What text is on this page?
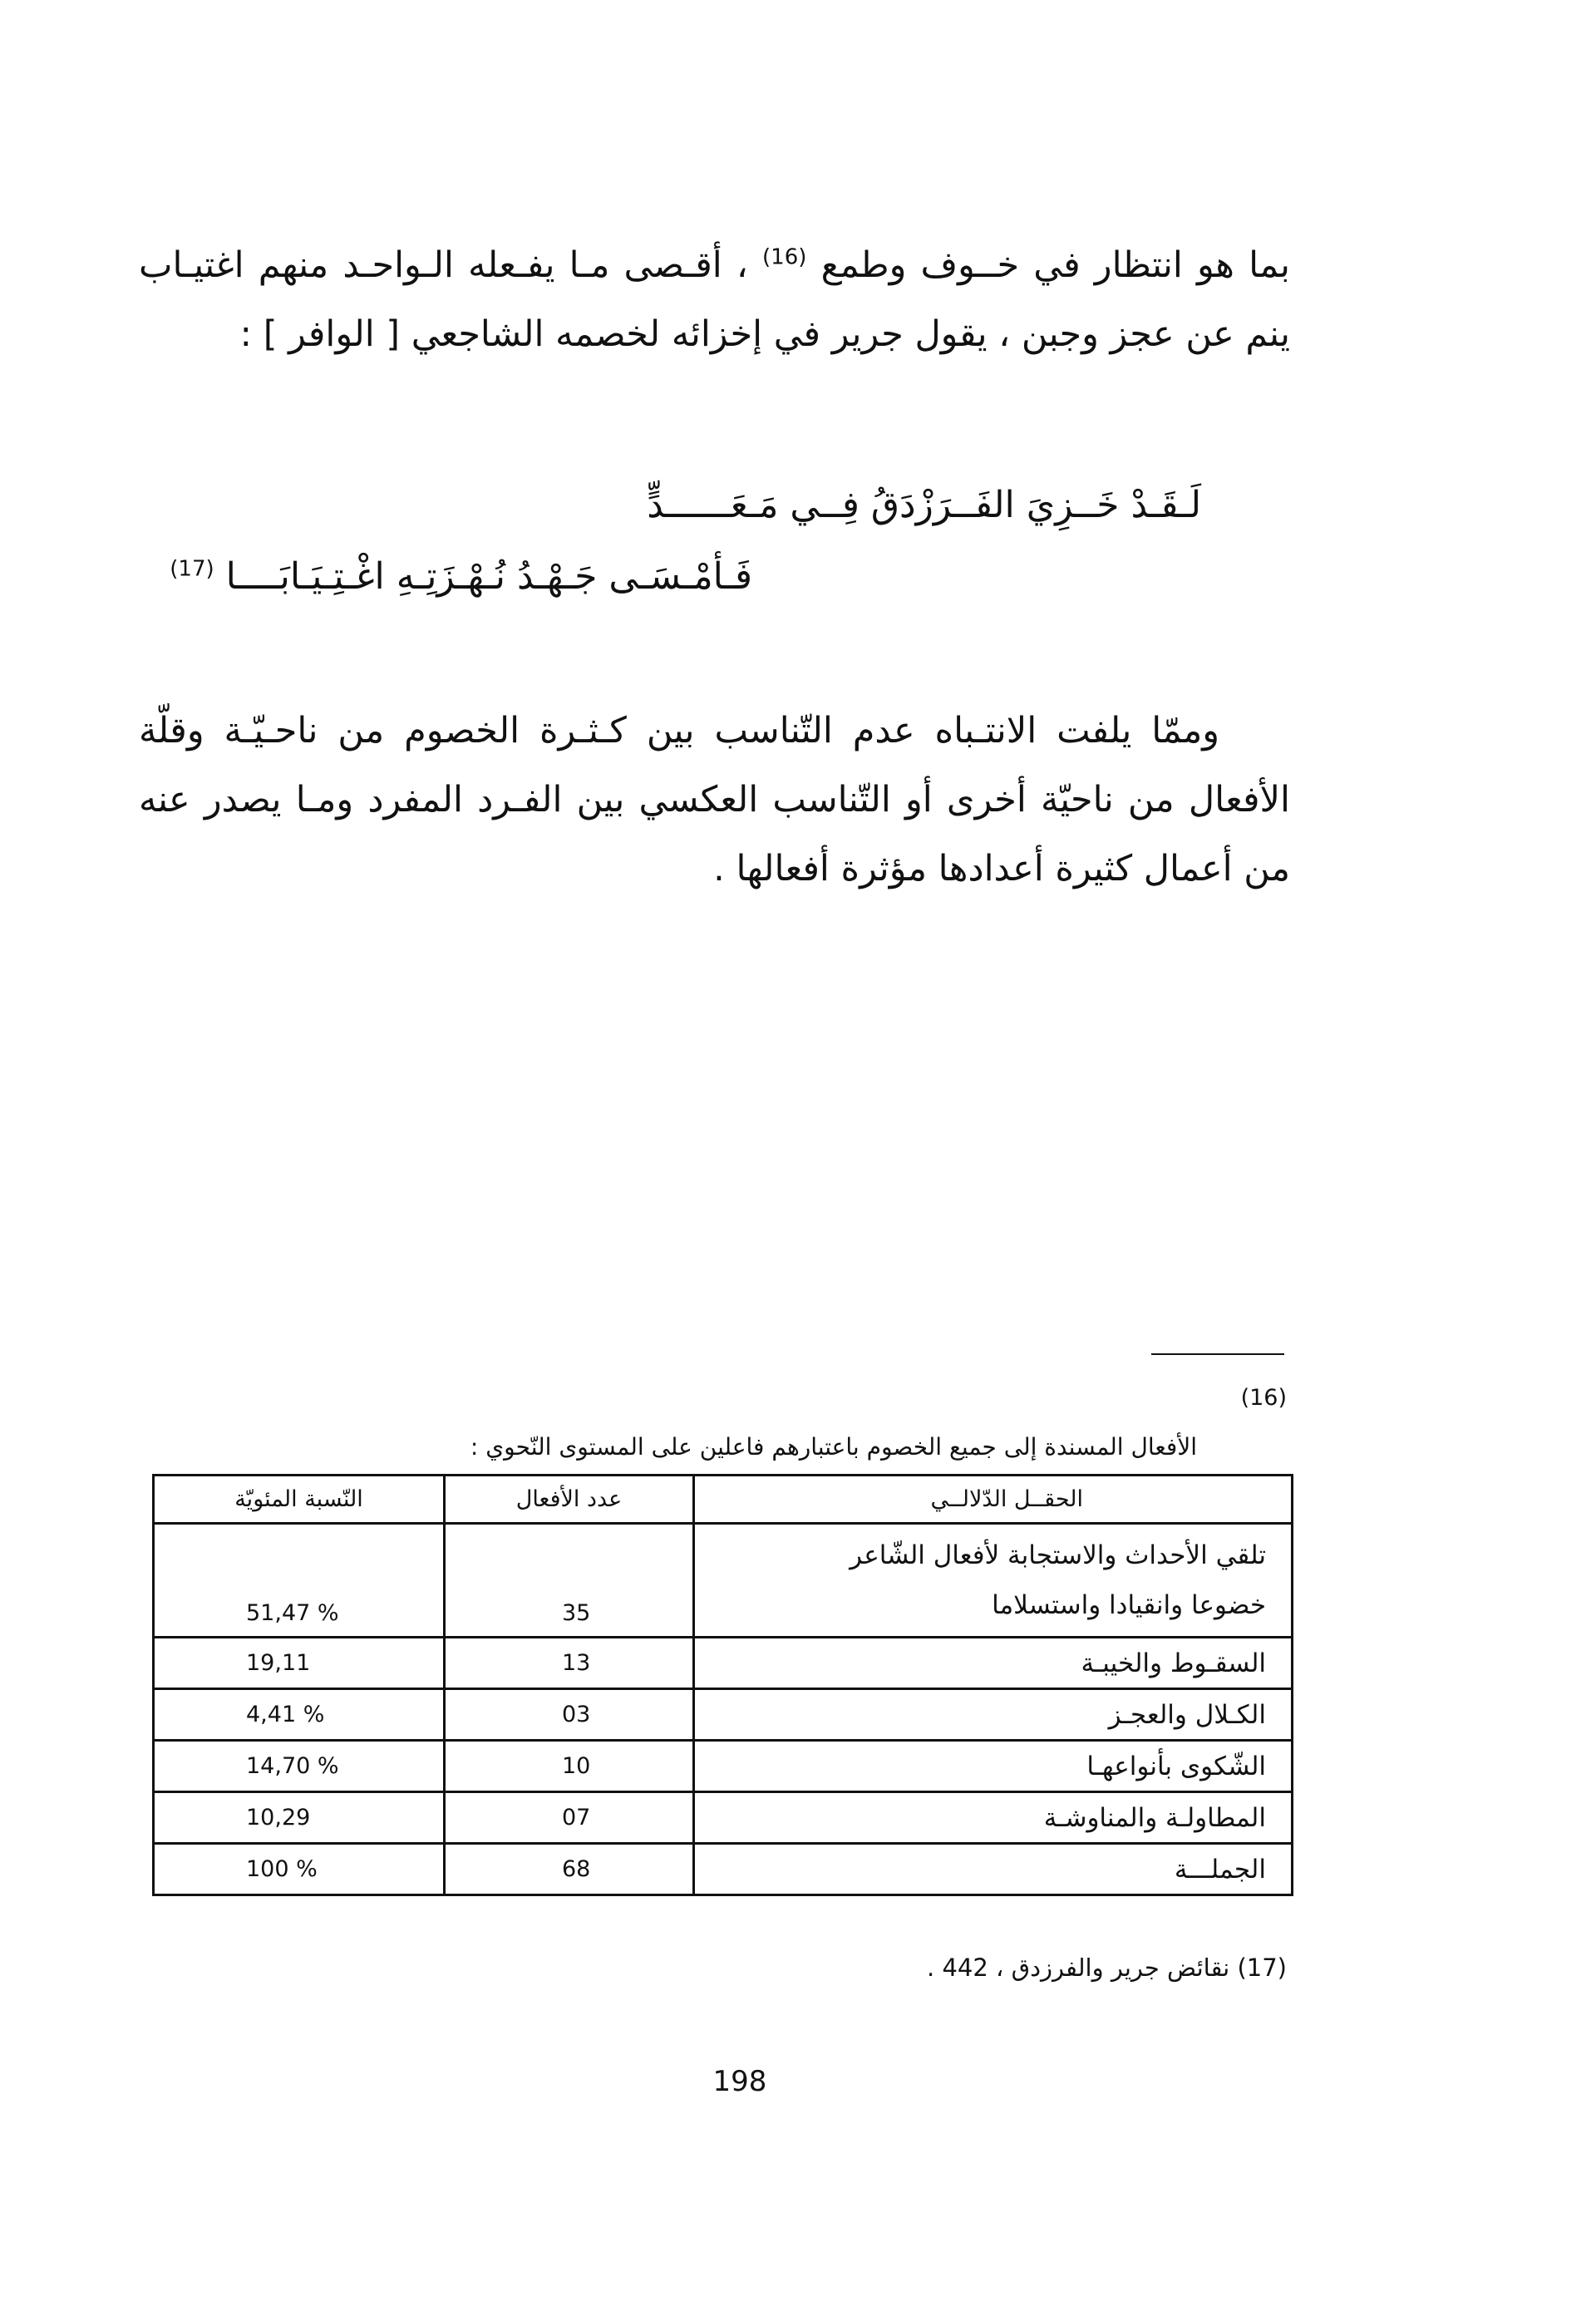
بما هو انتظار في خــوف وطمع $^{(16)}$ ، أقـصى مـا يفـعله الـواحـد منهم اغتيـاب ينم عن عجز وجبن ، يقول جرير في إخزائه لخصمه الشاجعي [ الوافر ] :

لَـقَـدْ خَــزِيَ الفَــرَزْدَقُ فِــي مَـعَــــــدٍّ
فَـأمْـسَـى جَـهْـدُ نُـهْـزَتِـهِ اغْـتِـيَـابَــــا $^{(17)}$

وممّا يلفت الانتـباه عدم التّناسب بين كـثـرة الخصوم من ناحـيّـة وقلّة الأفعال من ناحيّة أخرى أو التّناسب العكسي بين الفـرد المفرد ومـا يصدر عنه من أعمال كثيرة أعدادها مؤثرة أفعالها .

(16)
الأفعال المسندة إلى جميع الخصوم باعتبارهم فاعلين على المستوى النّحوي :
النّسبة المئويّة	عدد الأفعال	الحقــل الدّلالــي
51,47 %	35	تلقي الأحداث والاستجابة لأفعال الشّاعر
خضوعا وانقيادا واستسلاما

19,11	13	السقـوط والخيبـة
4,41 %	03	الكـلال والعجـز
14,70 %	10	الشّكوى بأنواعهـا
10,29	07	المطاولـة والمناوشـة
100 %	68	الجملـــة
(17) نقائض جرير والفرزدق ، 442 .
198
